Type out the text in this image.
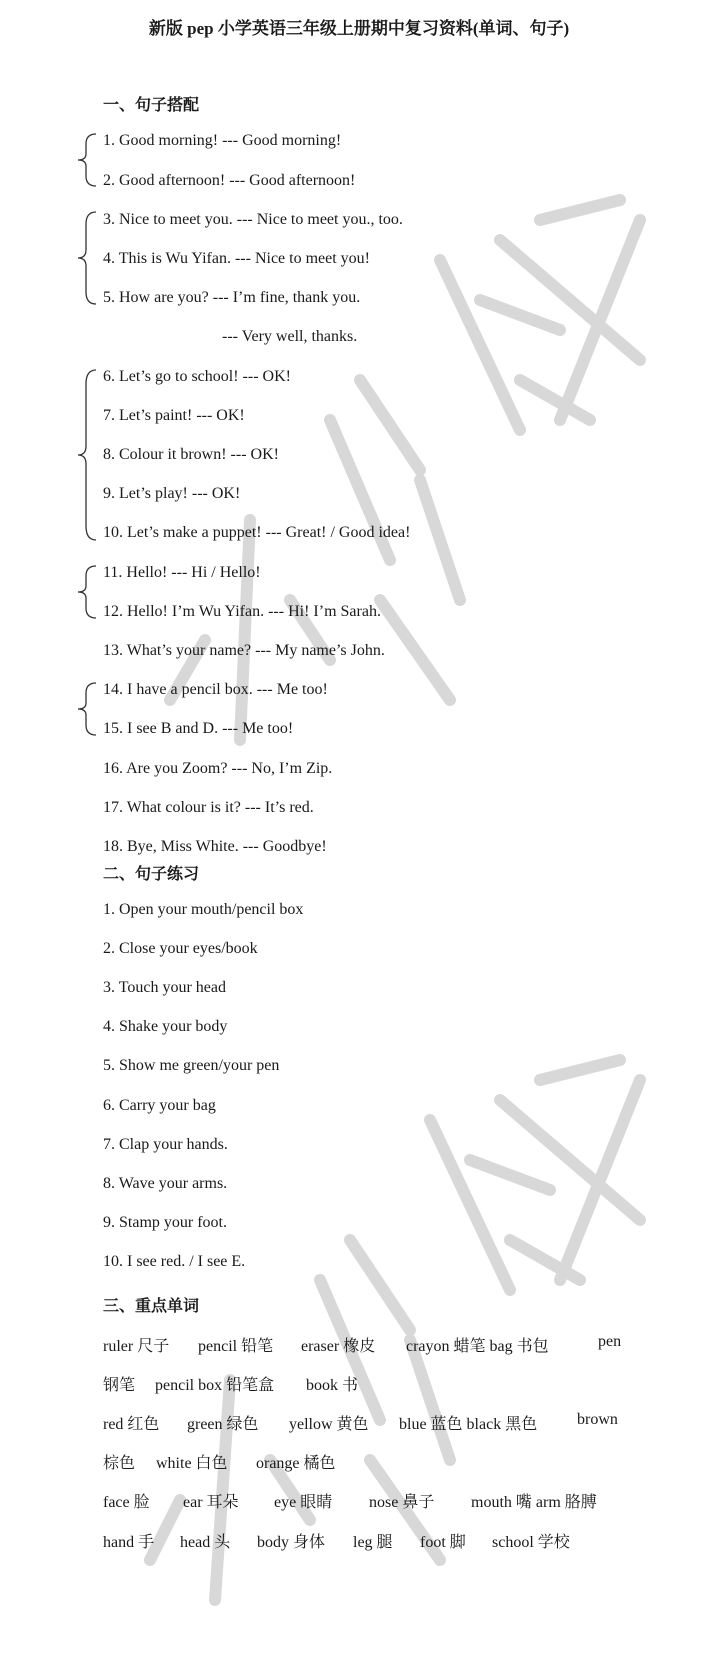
新版 pep 小学英语三年级上册期中复习资料(单词、句子)
一、句子搭配
1. Good morning! --- Good morning!
2. Good afternoon! --- Good afternoon!
3. Nice to meet you. --- Nice to meet you., too.
4. This is Wu Yifan. --- Nice to meet you!
5. How are you? --- I’m fine, thank you.
--- Very well, thanks.
6. Let’s go to school! --- OK!
7. Let’s paint! --- OK!
8. Colour it brown! --- OK!
9. Let’s play! --- OK!
10. Let’s make a puppet! --- Great! / Good idea!
11. Hello! --- Hi / Hello!
12. Hello! I’m Wu Yifan. --- Hi! I’m Sarah.
13. What’s your name? --- My name’s John.
14. I have a pencil box. --- Me too!
15. I see B and D. --- Me too!
16. Are you Zoom? --- No, I’m Zip.
17. What colour is it? --- It’s red.
18. Bye, Miss White. --- Goodbye!
二、句子练习
1. Open your mouth/pencil box
2. Close your eyes/book
3. Touch your head
4. Shake your body
5. Show me green/your pen
6. Carry your bag
7. Clap your hands.
8. Wave your arms.
9. Stamp your foot.
10. I see red. / I see E.
三、重点单词
ruler 尺子 pencil 铅笔 eraser 橡皮 crayon 蜡笔 bag 书包	pen
钢笔 pencil box 铅笔盒 book 书
red 红色 green 绿色 yellow 黄色 blue 蓝色 black 黑色 brown
棕色 white 白色 orange 橘色
face 脸 ear 耳朵 eye 眼睛 nose 鼻子 mouth 嘴 arm 胳膊
hand 手 head 头 body 身体 leg 腿 foot 脚 school 学校
